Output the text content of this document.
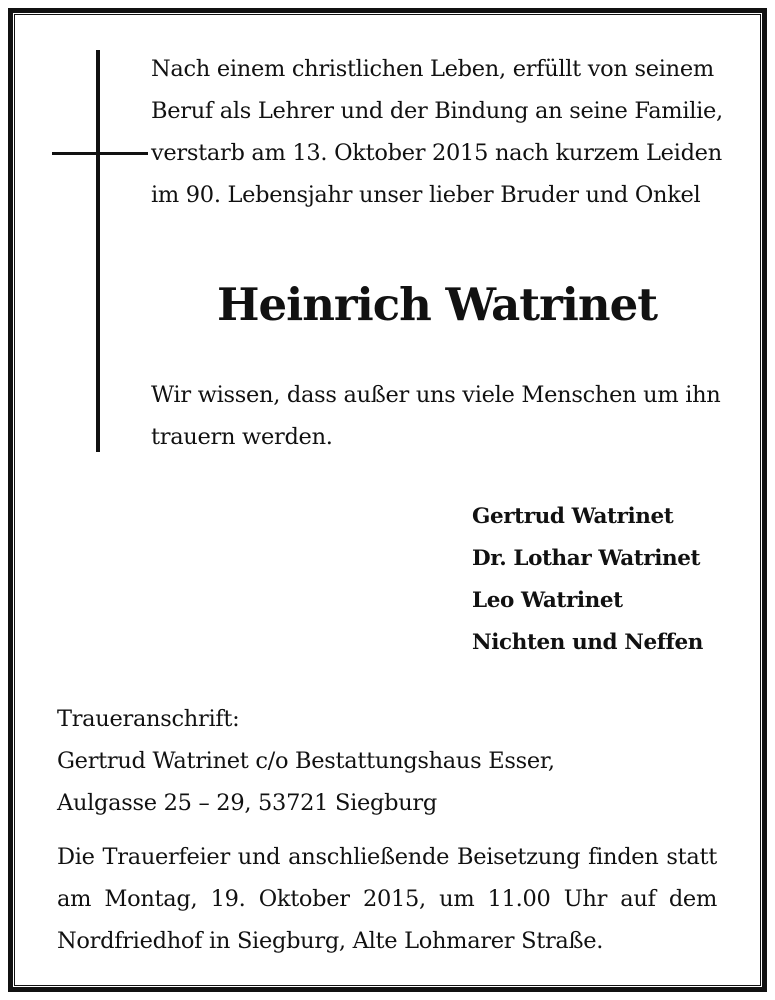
Nach einem christlichen Leben, erfüllt von seinem
Beruf als Lehrer und der Bindung an seine Familie,
verstarb am 13. Oktober 2015 nach kurzem Leiden
im 90. Lebensjahr unser lieber Bruder und Onkel
Heinrich Watrinet
Wir wissen, dass außer uns viele Menschen um ihn
trauern werden.
Gertrud Watrinet
Dr. Lothar Watrinet
Leo Watrinet
Nichten und Neffen
Traueranschrift:
Gertrud Watrinet c/o Bestattungshaus Esser,
Aulgasse 25 – 29, 53721 Siegburg
Die Trauerfeier und anschließende Beisetzung finden statt
am Montag, 19. Oktober 2015, um 11.00 Uhr auf dem
Nordfriedhof in Siegburg, Alte Lohmarer Straße.
